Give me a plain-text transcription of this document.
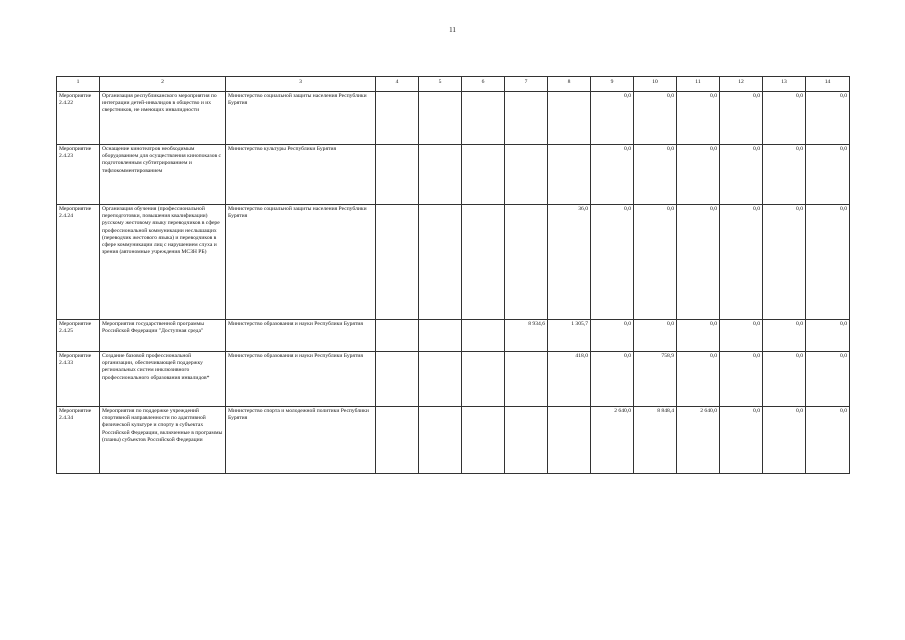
11
1	2	3	4	5	6	7	8	9	10	11	12	13	14
Мероприятие 2.4.22	Организация республиканского мероприятия по интеграции детей-инвалидов в общество и их сверстников, не имеющих инвалидности	Министерство социальной защиты населения Республики Бурятия						0,0	0,0	0,0	0,0	0,0	0,0
Мероприятие 2.4.23	Оснащение кинотеатров необходимым оборудованием для осуществления кинопоказов с подготовленным субтитрированием и тифлокомментированием	Министерство культуры Республики Бурятия						0,0	0,0	0,0	0,0	0,0	0,0
Мероприятие 2.4.24	Организация обучения (профессиональной переподготовки, повышения квалификации) русскому жестовому языку переводчиков в сфере профессиональной коммуникации неслышащих (переводчик жестового языка) и переводчиков в сфере коммуникации лиц с нарушением слуха и зрения (автономные учреждения МСЗН РБ)	Министерство социальной защиты населения Республики Бурятия					36,0	0,0	0,0	0,0	0,0	0,0	0,0
Мероприятие 2.4.25	Мероприятия государственной программы Российской Федерации "Доступная среда"	Министерство образования и науки Республики Бурятия				8 934,6	1 305,7	0,0	0,0	0,0	0,0	0,0	0,0
Мероприятие 2.4.33	Создание базовой профессиональной организации, обеспечивающей поддержку региональных систем инклюзивного профессионального образования инвалидов*	Министерство образования и науки Республики Бурятия					418,0	0,0	758,9	0,0	0,0	0,0	0,0
Мероприятие 2.4.34	Мероприятия по поддержке учреждений спортивной направленности по адаптивной физической культуре и спорту в субъектах Российской Федерации, включенные в программы (планы) субъектов Российской Федерации	Министерство спорта и молодежной политики Республики Бурятия						2 640,0	8 848,4	2 640,0	0,0	0,0	0,0
